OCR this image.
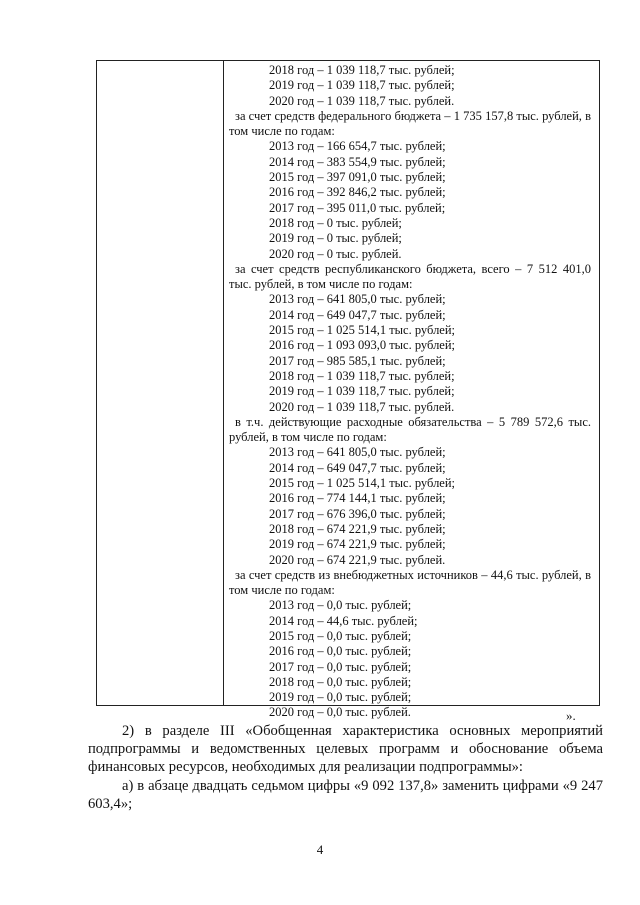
2018 год – 1 039 118,7 тыс. рублей;
2019 год – 1 039 118,7 тыс. рублей;
2020 год – 1 039 118,7 тыс. рублей.
за счет средств федерального бюджета – 1 735 157,8 тыс. рублей, в том числе по годам:
2013 год – 166 654,7 тыс. рублей;
2014 год – 383 554,9 тыс. рублей;
2015 год – 397 091,0 тыс. рублей;
2016 год – 392 846,2 тыс. рублей;
2017 год – 395 011,0 тыс. рублей;
2018 год – 0 тыс. рублей;
2019 год – 0 тыс. рублей;
2020 год – 0 тыс. рублей.
за счет средств республиканского бюджета, всего – 7 512 401,0 тыс. рублей, в том числе по годам:
2013 год – 641 805,0 тыс. рублей;
2014 год – 649 047,7 тыс. рублей;
2015 год – 1 025 514,1 тыс. рублей;
2016 год – 1 093 093,0 тыс. рублей;
2017 год – 985 585,1 тыс. рублей;
2018 год – 1 039 118,7 тыс. рублей;
2019 год – 1 039 118,7 тыс. рублей;
2020 год – 1 039 118,7 тыс. рублей.
в т.ч. действующие расходные обязательства – 5 789 572,6 тыс. рублей, в том числе по годам:
2013 год – 641 805,0 тыс. рублей;
2014 год – 649 047,7 тыс. рублей;
2015 год – 1 025 514,1 тыс. рублей;
2016 год – 774 144,1 тыс. рублей;
2017 год – 676 396,0 тыс. рублей;
2018 год – 674 221,9 тыс. рублей;
2019 год – 674 221,9 тыс. рублей;
2020 год – 674 221,9 тыс. рублей.
за счет средств из внебюджетных источников – 44,6 тыс. рублей, в том числе по годам:
2013 год – 0,0 тыс. рублей;
2014 год – 44,6 тыс. рублей;
2015 год – 0,0 тыс. рублей;
2016 год – 0,0 тыс. рублей;
2017 год – 0,0 тыс. рублей;
2018 год – 0,0 тыс. рублей;
2019 год – 0,0 тыс. рублей;
2020 год – 0,0 тыс. рублей.	».

2) в разделе III «Обобщенная характеристика основных мероприятий подпрограммы и ведомственных целевых программ и обоснование объема финансовых ресурсов, необходимых для реализации подпрограммы»:

а) в абзаце двадцать седьмом цифры «9 092 137,8» заменить цифрами «9 247 603,4»;

4
